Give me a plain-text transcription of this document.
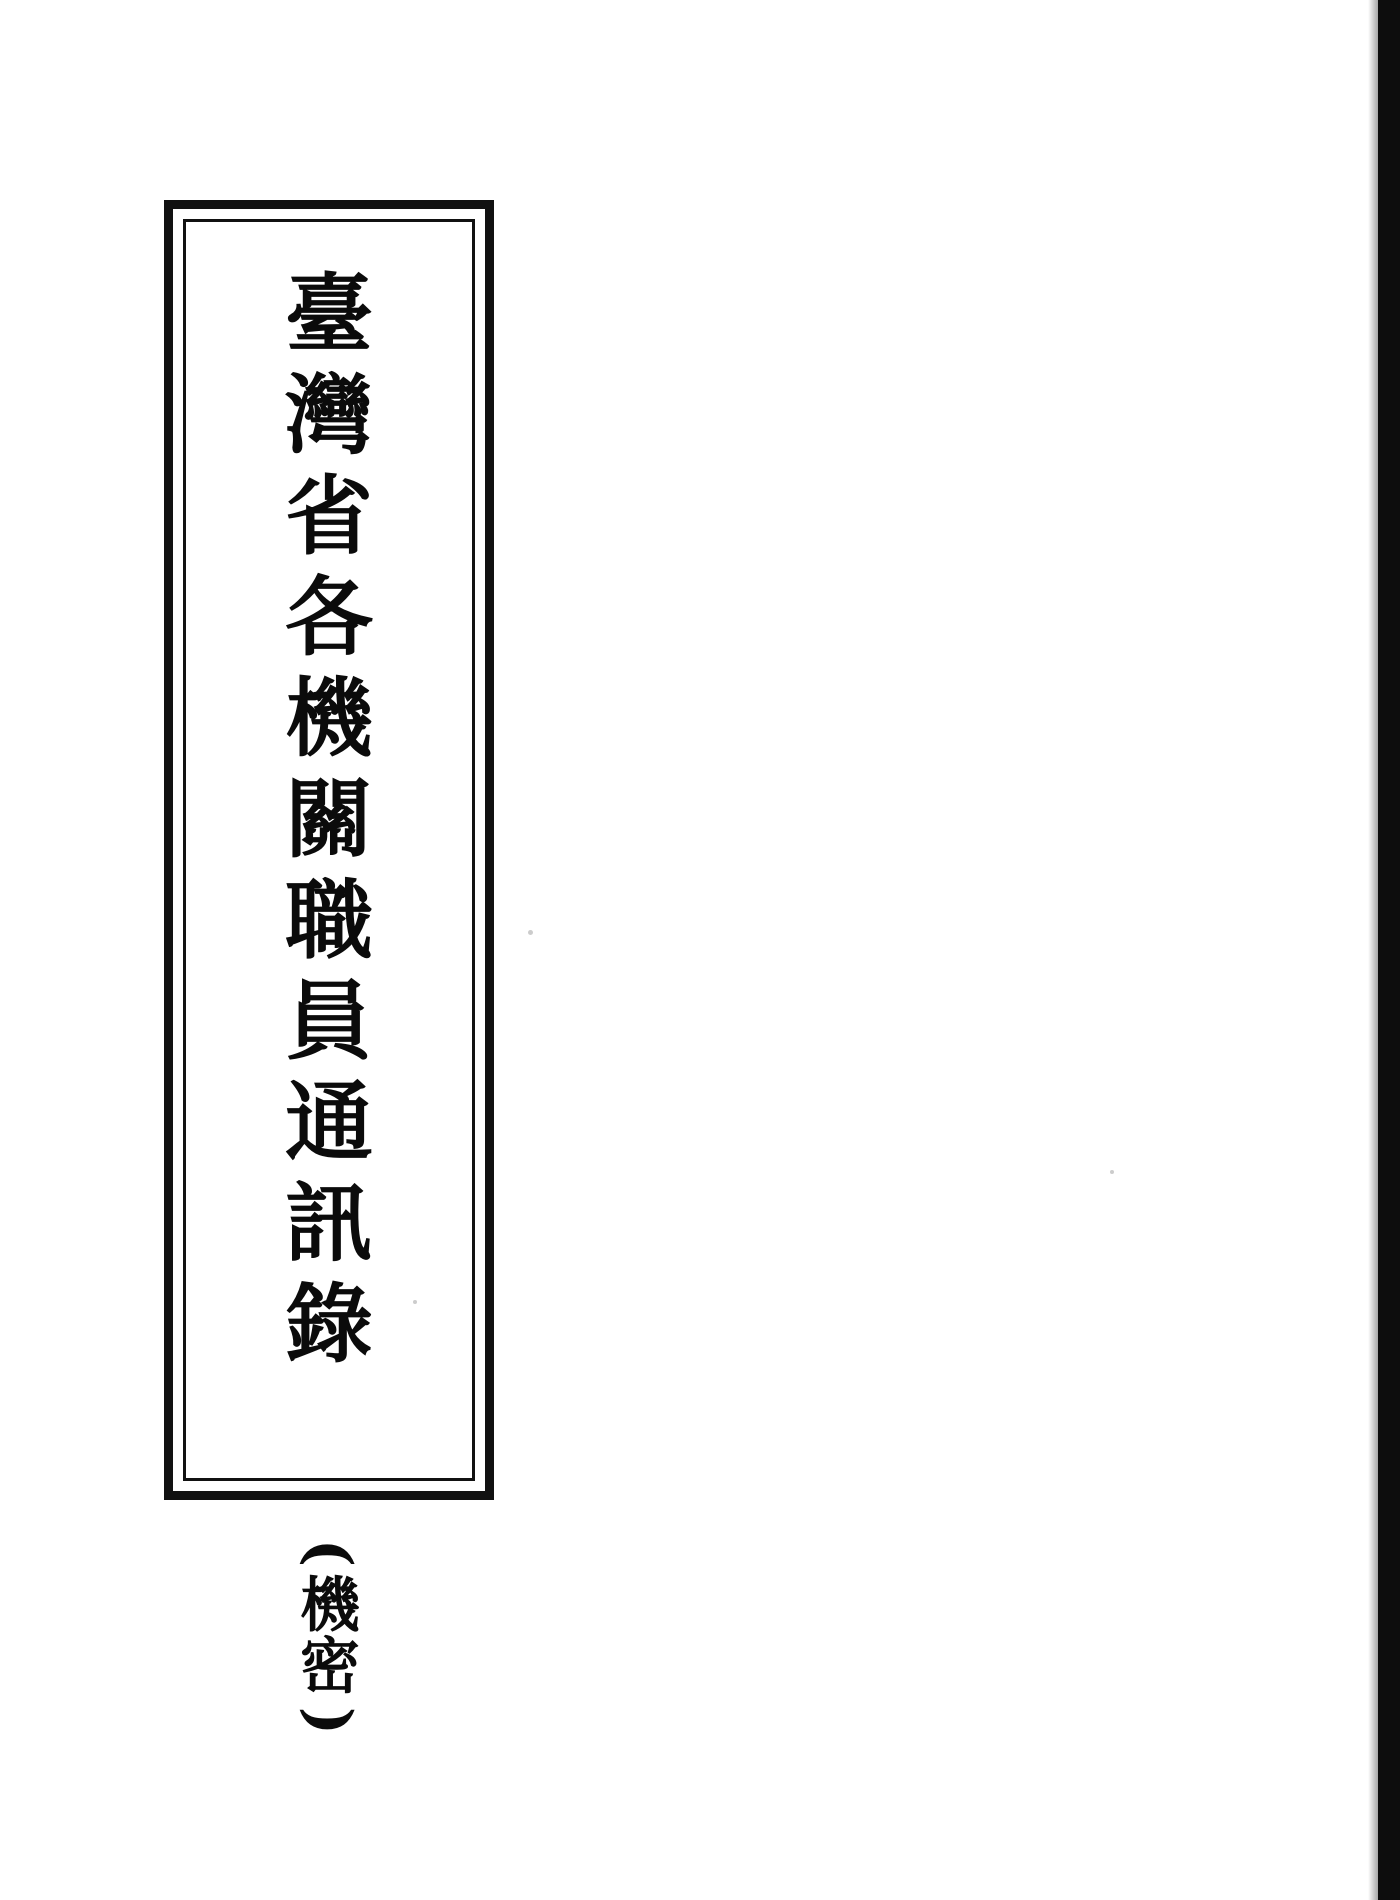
臺
灣
省
各
機
關
職
員
通
訊
錄
(
機
密
)
